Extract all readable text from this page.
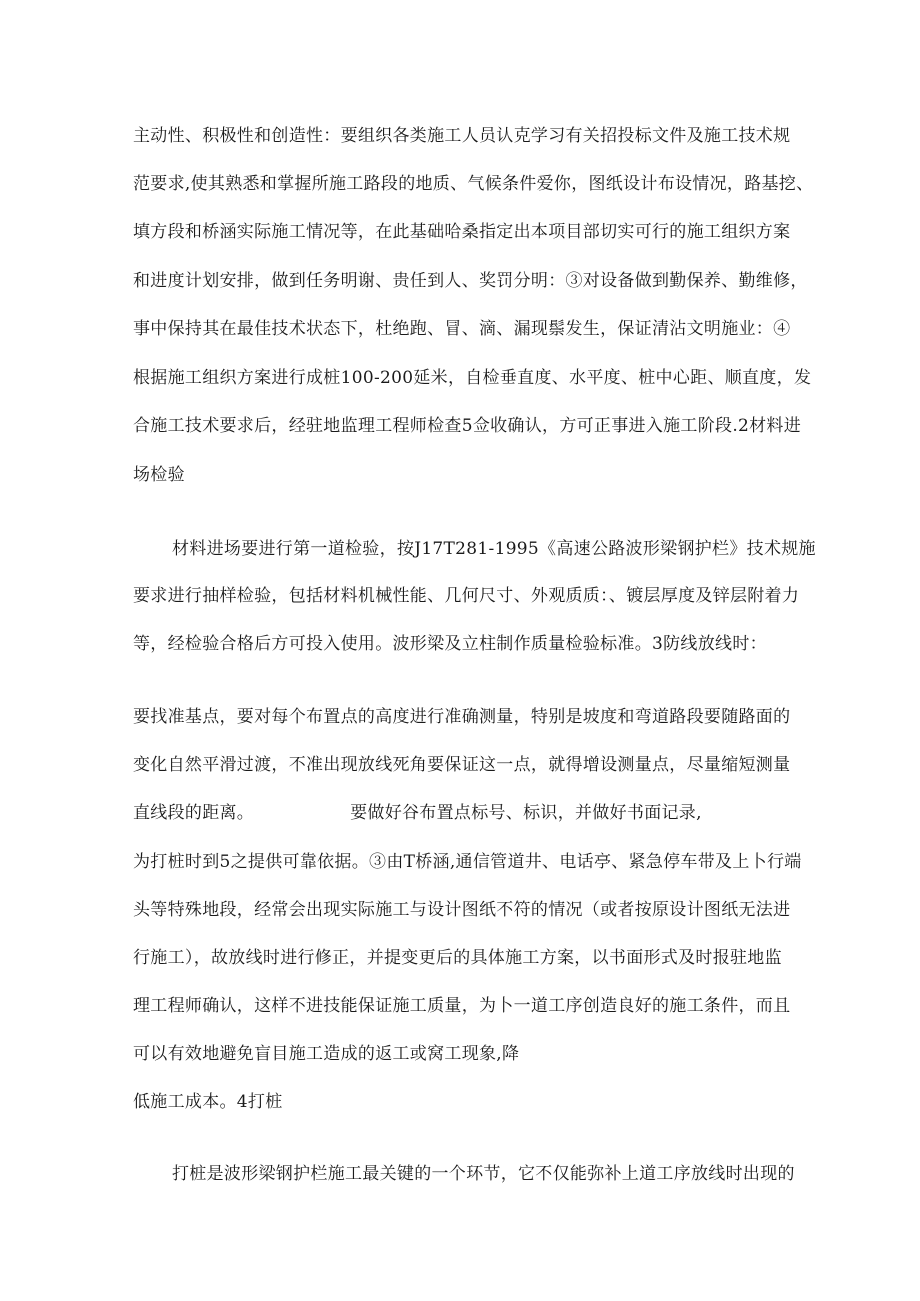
主动性、积极性和创造性：要组织各类施工人员认克学习有关招投标文件及施工技术规
范要求,使其熟悉和掌握所施工路段的地质、气候条件爱你，图纸设计布设情况，路基挖、
填方段和桥涵实际施工情况等，在此基础哈桑指定出本项目部切实可行的施工组织方案
和进度计划安排，做到任务明谢、贵任到人、奖罚分明：③对设备做到勤保养、勤维修，
事中保持其在最佳技术状态下，杜绝跑、冒、滴、漏现鬃发生，保证清沾文明施业：④
根据施工组织方案进行成桩100-200延米，自检垂直度、水平度、桩中心距、顺直度，发
合施工技术要求后，经驻地监理工程师检查5佥收确认，方可正事进入施工阶段.2材料进
场检验
材料进场要进行第一道检验，按J17T281-1995《高速公路波形梁钢护栏》技术规施
要求进行抽样检验，包括材料机械性能、几何尺寸、外观质质：、镀层厚度及锌层附着力
等，经检验合格后方可投入使用。波形梁及立柱制作质量检验标准。3防线放线时：
要找准基点，要对每个布置点的高度进行准确测量，特别是坡度和弯道路段要随路面的
变化自然平滑过渡，不准出现放线死角要保证这一点，就得增设测量点，尽量缩短测量
直线段的距离。	要做好谷布置点标号、标识，并做好书面记录,
为打桩时到5之提供可靠依据。③由T桥涵,通信管道井、电话亭、紧急停车带及上卜行端
头等特殊地段，经常会出现实际施工与设计图纸不符的情况（或者按原设计图纸无法进
行施工），故放线时进行修正，并提变更后的具体施工方案，以书面形式及时报驻地监
理工程师确认，这样不进技能保证施工质量，为卜一道工序创造良好的施工条件，而且
可以有效地避免盲目施工造成的返工或窝工现象,降
低施工成本。4打桩
打桩是波形梁钢护栏施工最关键的一个环节，它不仅能弥补上道工序放线时出现的
